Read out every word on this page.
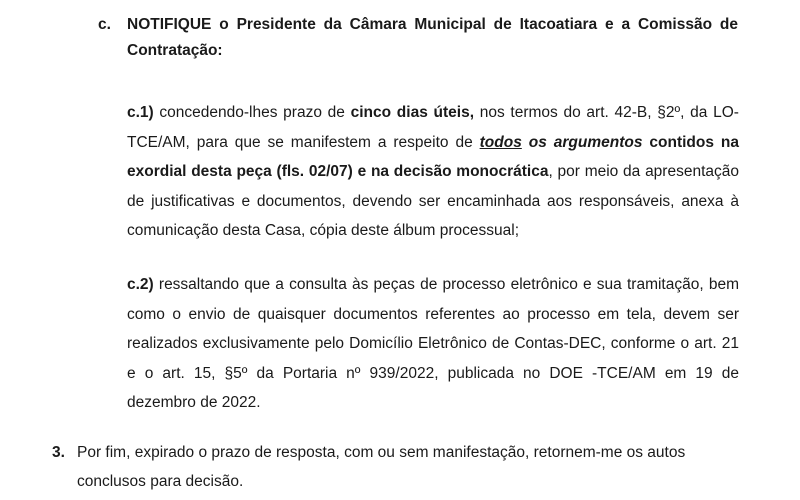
c. NOTIFIQUE o Presidente da Câmara Municipal de Itacoatiara e a Comissão de Contratação:
c.1) concedendo-lhes prazo de cinco dias úteis, nos termos do art. 42-B, §2º, da LO-TCE/AM, para que se manifestem a respeito de todos os argumentos contidos na exordial desta peça (fls. 02/07) e na decisão monocrática, por meio da apresentação de justificativas e documentos, devendo ser encaminhada aos responsáveis, anexa à comunicação desta Casa, cópia deste álbum processual;
c.2) ressaltando que a consulta às peças de processo eletrônico e sua tramitação, bem como o envio de quaisquer documentos referentes ao processo em tela, devem ser realizados exclusivamente pelo Domicílio Eletrônico de Contas-DEC, conforme o art. 21 e o art. 15, §5º da Portaria nº 939/2022, publicada no DOE -TCE/AM em 19 de dezembro de 2022.
3. Por fim, expirado o prazo de resposta, com ou sem manifestação, retornem-me os autos conclusos para decisão.
